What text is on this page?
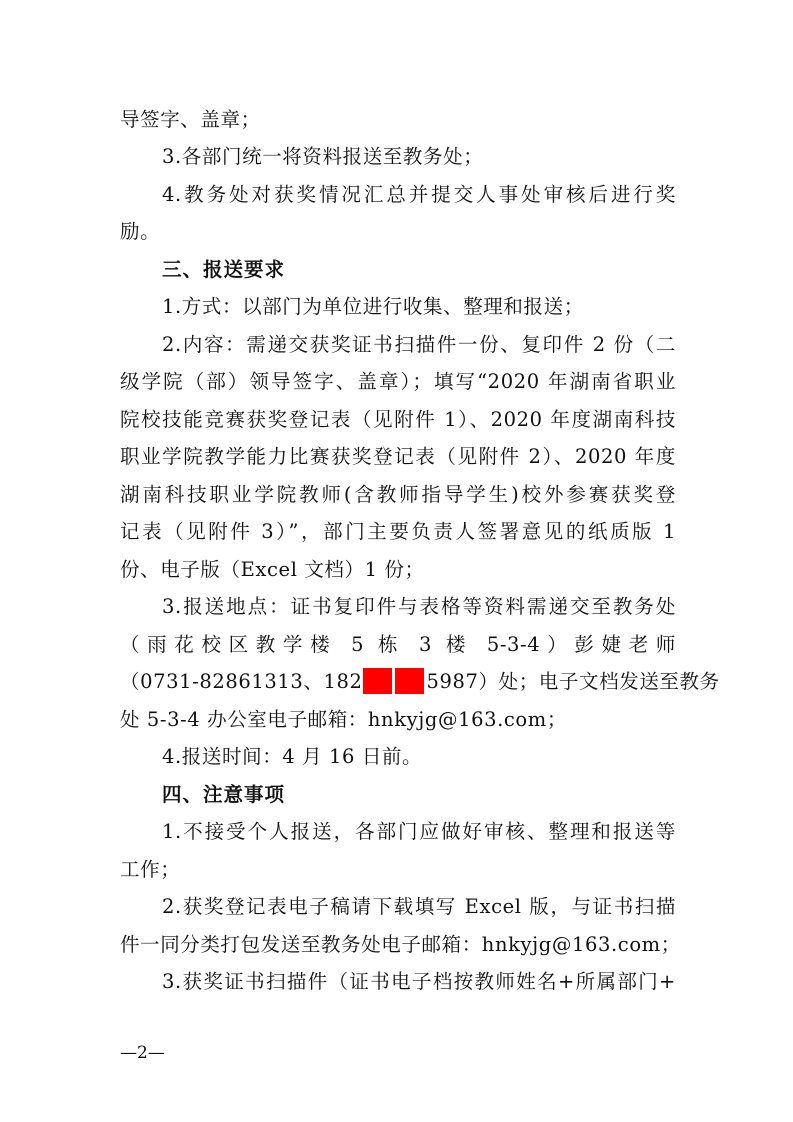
导签字、盖章；
3.各部门统一将资料报送至教务处；
4.教务处对获奖情况汇总并提交人事处审核后进行奖
励。
三、报送要求
1.方式：以部门为单位进行收集、整理和报送；
2.内容：需递交获奖证书扫描件一份、复印件 2 份（二
级学院（部）领导签字、盖章）；填写“2020 年湖南省职业
院校技能竞赛获奖登记表（见附件 1）、2020 年度湖南科技
职业学院教学能力比赛获奖登记表（见附件 2）、2020 年度
湖南科技职业学院教师(含教师指导学生)校外参赛获奖登
记表（见附件 3）”，部门主要负责人签署意见的纸质版 1
份、电子版（Excel 文档）1 份；
3.报送地点：证书复印件与表格等资料需递交至教务处
（雨花校区教学楼 5 栋 3 楼 5-3-4）彭婕老师
（0731-82861313、182	5987）处；电子文档发送至教务
处 5-3-4 办公室电子邮箱：hnkyjg@163.com；
4.报送时间：4 月 16 日前。
四、注意事项
1.不接受个人报送，各部门应做好审核、整理和报送等
工作；
2.获奖登记表电子稿请下载填写 Excel 版，与证书扫描
件一同分类打包发送至教务处电子邮箱：hnkyjg@163.com；
3.获奖证书扫描件（证书电子档按教师姓名+所属部门+
—2—
